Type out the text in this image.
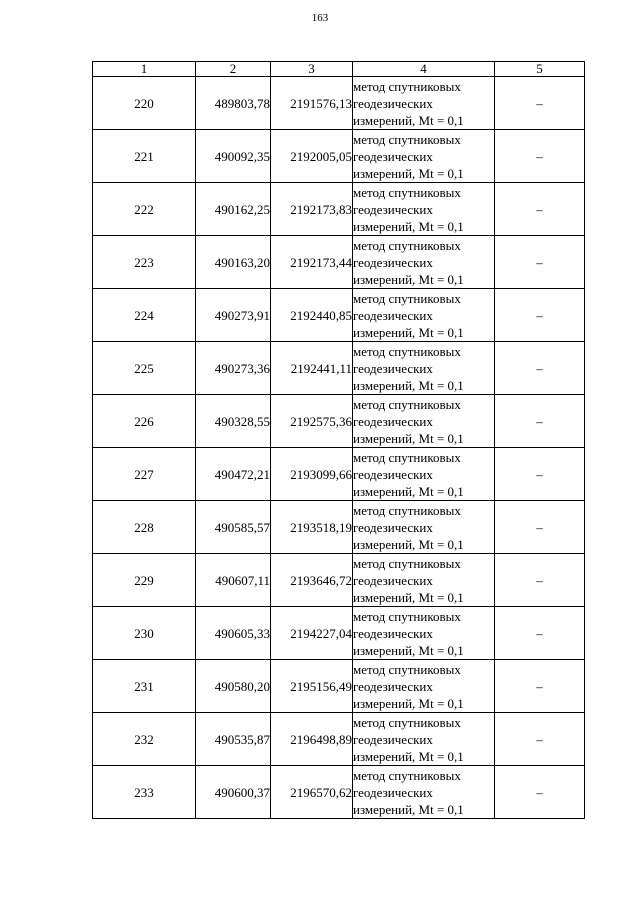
163
1	2	3	4	5
220	489803,78	2191576,13	метод спутниковых
геодезических
измерений, Mt = 0,1	–
221	490092,35	2192005,05	метод спутниковых
геодезических
измерений, Mt = 0,1	–
222	490162,25	2192173,83	метод спутниковых
геодезических
измерений, Mt = 0,1	–
223	490163,20	2192173,44	метод спутниковых
геодезических
измерений, Mt = 0,1	–
224	490273,91	2192440,85	метод спутниковых
геодезических
измерений, Mt = 0,1	–
225	490273,36	2192441,11	метод спутниковых
геодезических
измерений, Mt = 0,1	–
226	490328,55	2192575,36	метод спутниковых
геодезических
измерений, Mt = 0,1	–
227	490472,21	2193099,66	метод спутниковых
геодезических
измерений, Mt = 0,1	–
228	490585,57	2193518,19	метод спутниковых
геодезических
измерений, Mt = 0,1	–
229	490607,11	2193646,72	метод спутниковых
геодезических
измерений, Mt = 0,1	–
230	490605,33	2194227,04	метод спутниковых
геодезических
измерений, Mt = 0,1	–
231	490580,20	2195156,49	метод спутниковых
геодезических
измерений, Mt = 0,1	–
232	490535,87	2196498,89	метод спутниковых
геодезических
измерений, Mt = 0,1	–
233	490600,37	2196570,62	метод спутниковых
геодезических
измерений, Mt = 0,1	–
